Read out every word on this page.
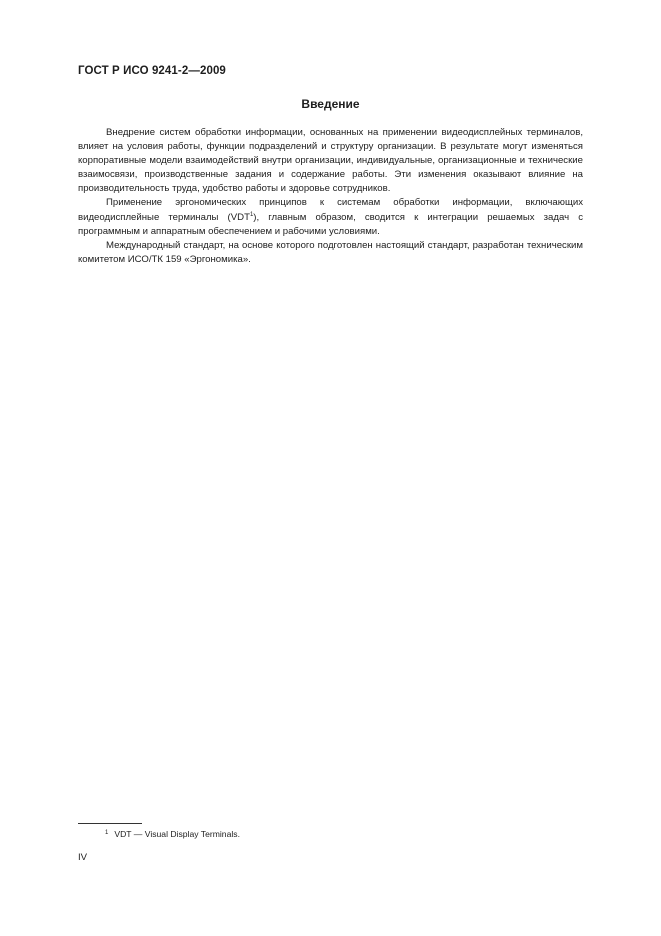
ГОСТ Р ИСО 9241-2—2009
Введение

Внедрение систем обработки информации, основанных на применении видеодисплейных терминалов, влияет на условия работы, функции подразделений и структуру организации. В результате могут изменяться корпоративные модели взаимодействий внутри организации, индивидуальные, организационные и технические взаимосвязи, производственные задания и содержание работы. Эти изменения оказывают влияние на производительность труда, удобство работы и здоровье сотрудников.

Применение эргономических принципов к системам обработки информации, включающих видеодисплейные терминалы (VDT$^1$), главным образом, сводится к интеграции решаемых задач с программным и аппаратным обеспечением и рабочими условиями.

Международный стандарт, на основе которого подготовлен настоящий стандарт, разработан техническим комитетом ИСО/ТК 159 «Эргономика».

$^1$ VDT — Visual Display Terminals.
IV
